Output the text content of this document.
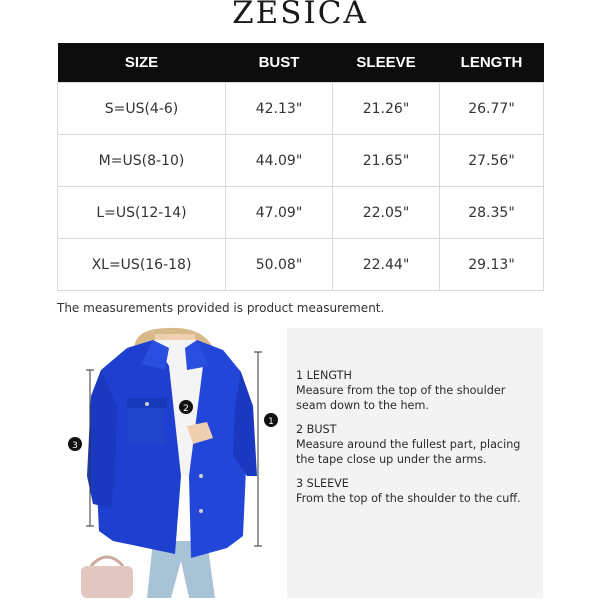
ZESICA
SIZE	BUST	SLEEVE	LENGTH
S=US(4-6)	42.13"	21.26"	26.77"
M=US(8-10)	44.09"	21.65"	27.56"
L=US(12-14)	47.09"	22.05"	28.35"
XL=US(16-18)	50.08"	22.44"	29.13"
The measurements provided is product measurement.
1
2
3
1 LENGTH
Measure from the top of the shoulder seam down to the hem.
2 BUST
Measure around the fullest part, placing the tape close up under the arms.
3 SLEEVE
From the top of the shoulder to the cuff.
